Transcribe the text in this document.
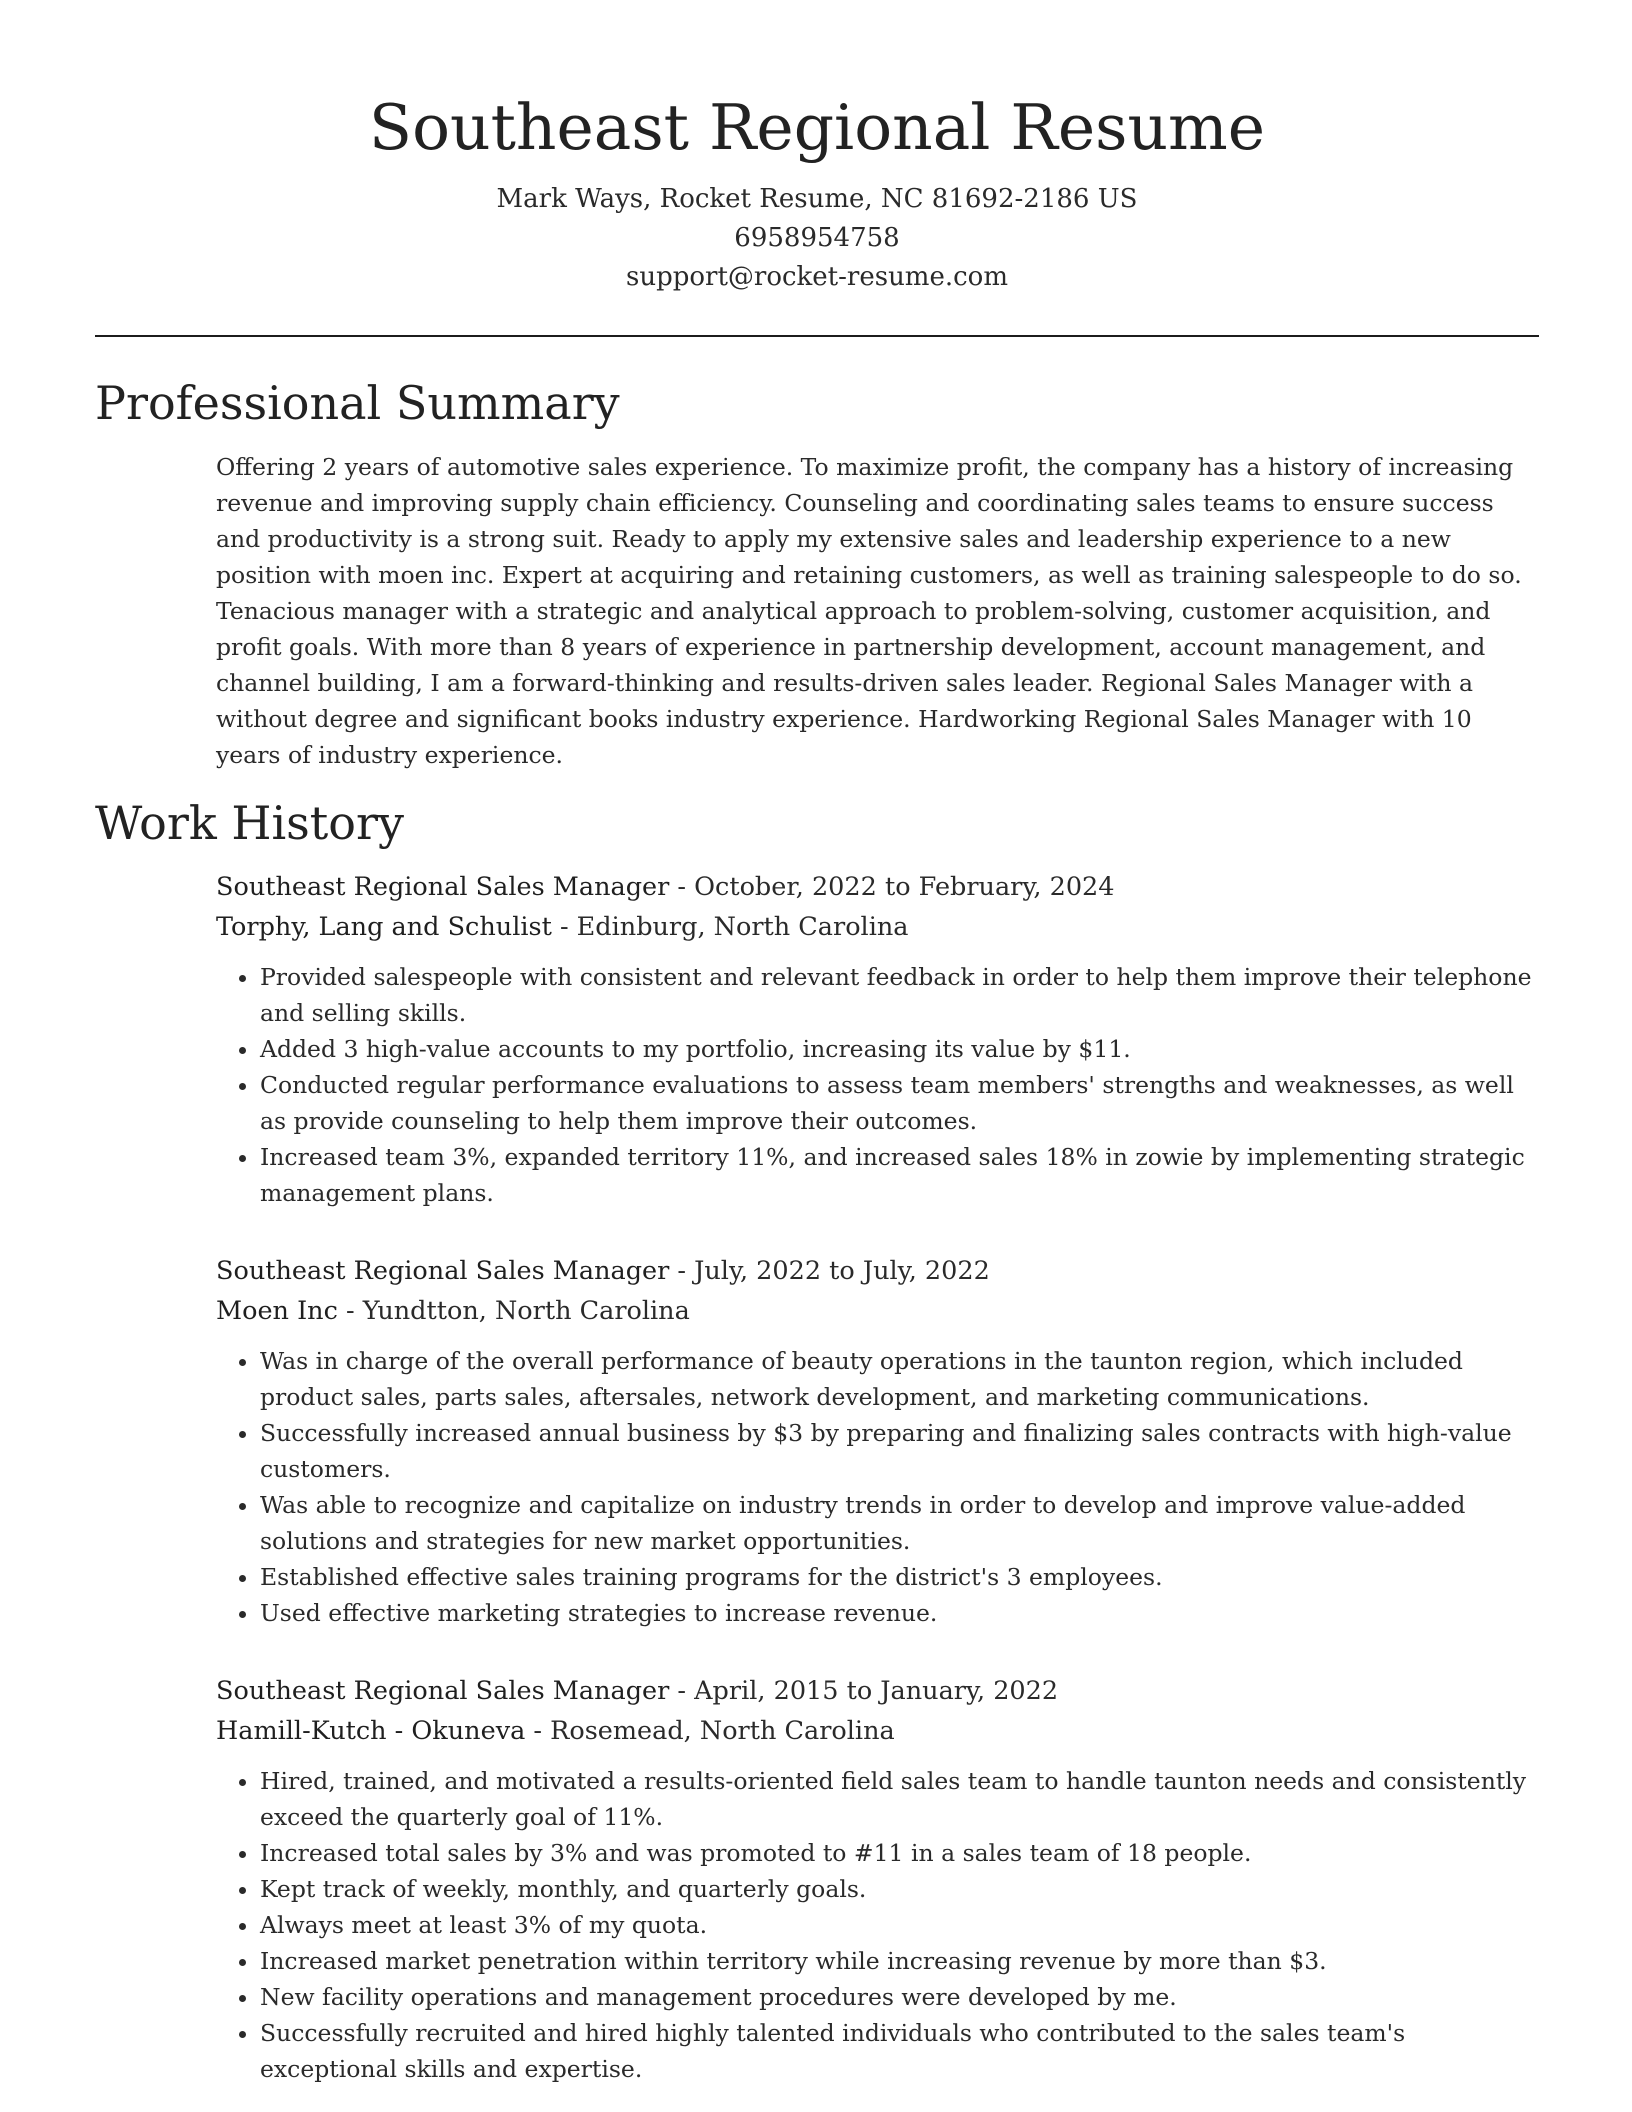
Southeast Regional Resume
Mark Ways, Rocket Resume, NC 81692-2186 US
6958954758
support@rocket-resume.com
Professional Summary

Offering 2 years of automotive sales experience. To maximize profit, the company has a history of increasing revenue and improving supply chain efficiency. Counseling and coordinating sales teams to ensure success and productivity is a strong suit. Ready to apply my extensive sales and leadership experience to a new position with moen inc. Expert at acquiring and retaining customers, as well as training salespeople to do so. Tenacious manager with a strategic and analytical approach to problem-solving, customer acquisition, and profit goals. With more than 8 years of experience in partnership development, account management, and channel building, I am a forward-thinking and results-driven sales leader. Regional Sales Manager with a without degree and significant books industry experience. Hardworking Regional Sales Manager with 10 years of industry experience.

Work History
Southeast Regional Sales Manager - October, 2022 to February, 2024
Torphy, Lang and Schulist - Edinburg, North Carolina
• Provided salespeople with consistent and relevant feedback in order to help them improve their telephone and selling skills.
• Added 3 high-value accounts to my portfolio, increasing its value by $11.
• Conducted regular performance evaluations to assess team members' strengths and weaknesses, as well as provide counseling to help them improve their outcomes.
• Increased team 3%, expanded territory 11%, and increased sales 18% in zowie by implementing strategic management plans.
Southeast Regional Sales Manager - July, 2022 to July, 2022
Moen Inc - Yundtton, North Carolina
• Was in charge of the overall performance of beauty operations in the taunton region, which included product sales, parts sales, aftersales, network development, and marketing communications.
• Successfully increased annual business by $3 by preparing and finalizing sales contracts with high-value customers.
• Was able to recognize and capitalize on industry trends in order to develop and improve value-added solutions and strategies for new market opportunities.
• Established effective sales training programs for the district's 3 employees.
• Used effective marketing strategies to increase revenue.
Southeast Regional Sales Manager - April, 2015 to January, 2022
Hamill-Kutch - Okuneva - Rosemead, North Carolina
• Hired, trained, and motivated a results-oriented field sales team to handle taunton needs and consistently exceed the quarterly goal of 11%.
• Increased total sales by 3% and was promoted to #11 in a sales team of 18 people.
• Kept track of weekly, monthly, and quarterly goals.
• Always meet at least 3% of my quota.
• Increased market penetration within territory while increasing revenue by more than $3.
• New facility operations and management procedures were developed by me.
• Successfully recruited and hired highly talented individuals who contributed to the sales team's exceptional skills and expertise.
